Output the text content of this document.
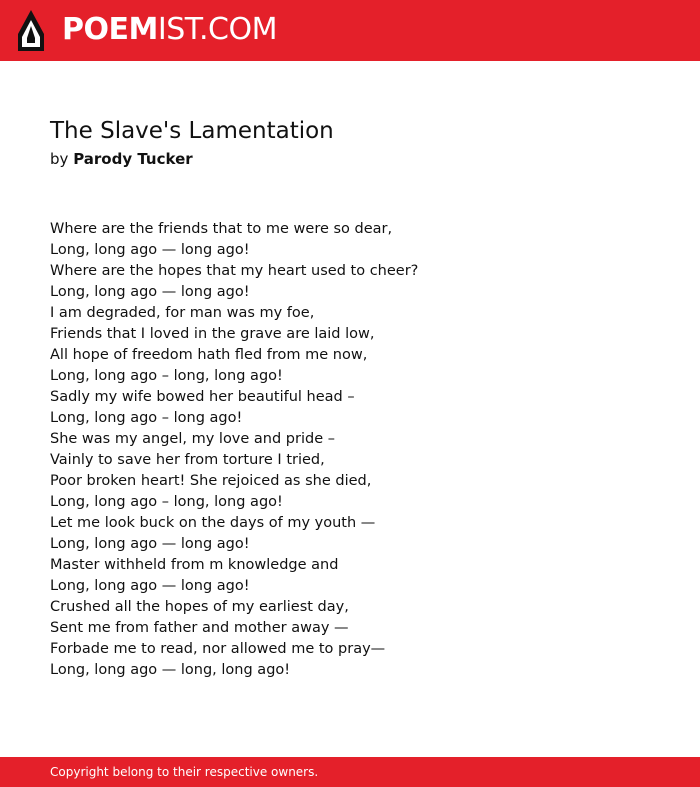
POEMIST.COM
The Slave's Lamentation
by Parody Tucker
Where are the friends that to me were so dear,
Long, long ago — long ago!
Where are the hopes that my heart used to cheer?
Long, long ago — long ago!
I am degraded, for man was my foe,
Friends that I loved in the grave are laid low,
All hope of freedom hath fled from me now,
Long, long ago – long, long ago!
Sadly my wife bowed her beautiful head –
Long, long ago – long ago!
She was my angel, my love and pride –
Vainly to save her from torture I tried,
Poor broken heart! She rejoiced as she died,
Long, long ago – long, long ago!
Let me look buck on the days of my youth —
Long, long ago — long ago!
Master withheld from m knowledge and
Long, long ago — long ago!
Crushed all the hopes of my earliest day,
Sent me from father and mother away —
Forbade me to read, nor allowed me to pray—
Long, long ago — long, long ago!
Copyright belong to their respective owners.
